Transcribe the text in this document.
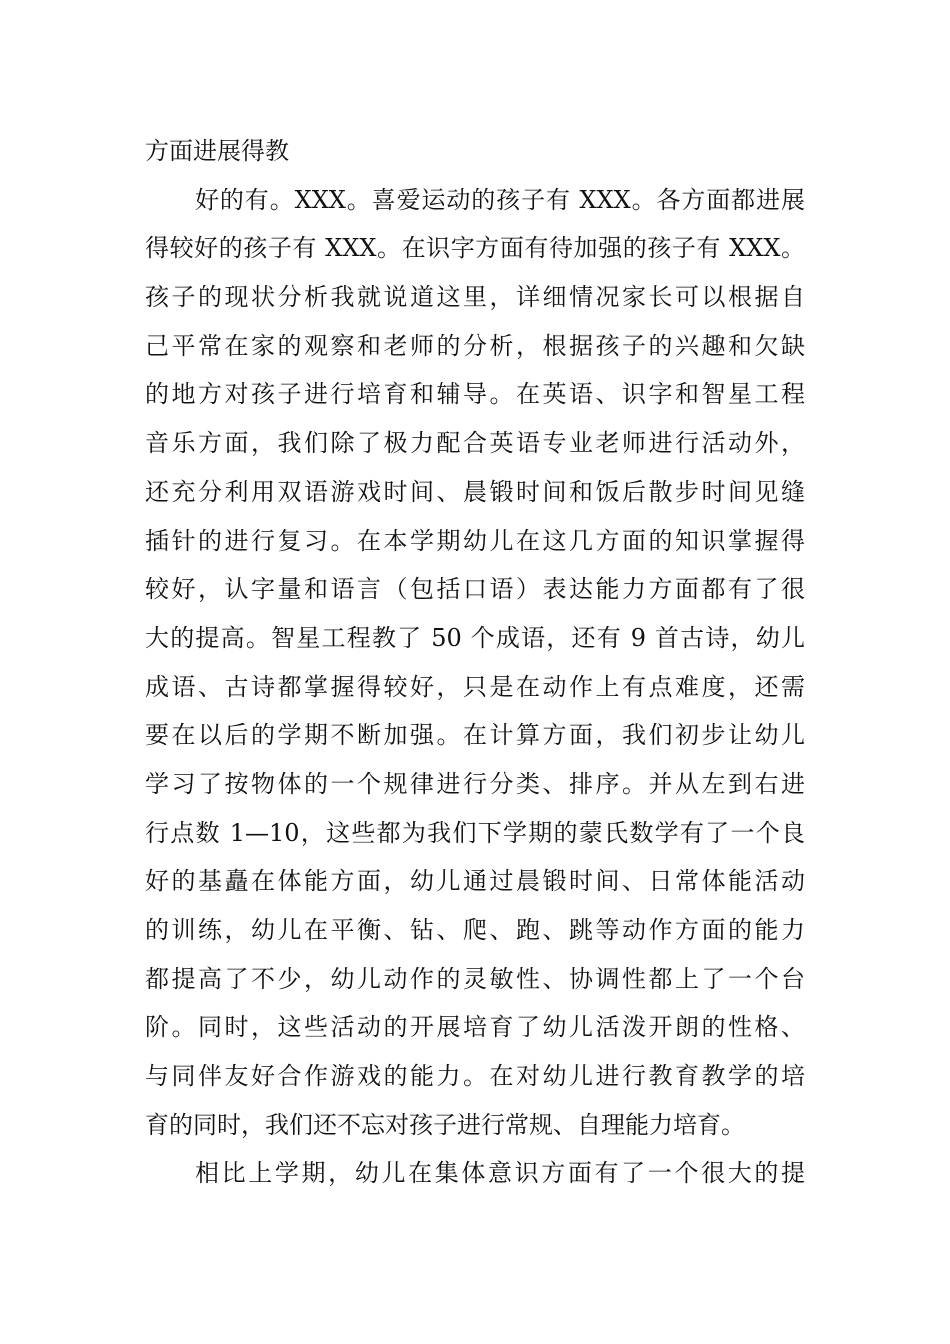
方面进展得教
好的有。XXX。喜爱运动的孩子有 XXX。各方面都进展
得较好的孩子有 XXX。在识字方面有待加强的孩子有 XXX。
孩子的现状分析我就说道这里，详细情况家长可以根据自
己平常在家的观察和老师的分析，根据孩子的兴趣和欠缺
的地方对孩子进行培育和辅导。在英语、识字和智星工程
音乐方面，我们除了极力配合英语专业老师进行活动外，
还充分利用双语游戏时间、晨锻时间和饭后散步时间见缝
插针的进行复习。在本学期幼儿在这几方面的知识掌握得
较好，认字量和语言（包括口语）表达能力方面都有了很
大的提高。智星工程教了 50 个成语，还有 9 首古诗，幼儿
成语、古诗都掌握得较好，只是在动作上有点难度，还需
要在以后的学期不断加强。在计算方面，我们初步让幼儿
学习了按物体的一个规律进行分类、排序。并从左到右进
行点数 1—10，这些都为我们下学期的蒙氏数学有了一个良
好的基矗在体能方面，幼儿通过晨锻时间、日常体能活动
的训练，幼儿在平衡、钻、爬、跑、跳等动作方面的能力
都提高了不少，幼儿动作的灵敏性、协调性都上了一个台
阶。同时，这些活动的开展培育了幼儿活泼开朗的性格、
与同伴友好合作游戏的能力。在对幼儿进行教育教学的培
育的同时，我们还不忘对孩子进行常规、自理能力培育。
相比上学期，幼儿在集体意识方面有了一个很大的提
